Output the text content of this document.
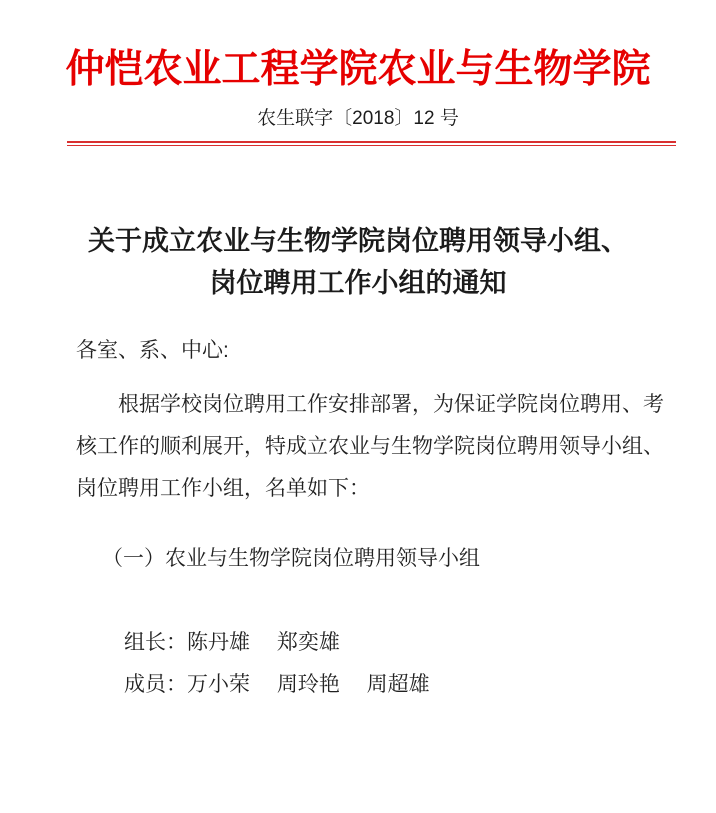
仲恺农业工程学院农业与生物学院
农生联字〔2018〕12 号
关于成立农业与生物学院岗位聘用领导小组、
岗位聘用工作小组的通知
各室、系、中心:
根据学校岗位聘用工作安排部署，为保证学院岗位聘用、考
核工作的顺利展开，特成立农业与生物学院岗位聘用领导小组、
岗位聘用工作小组，名单如下：
（一）农业与生物学院岗位聘用领导小组
组长：陈丹雄　 郑奕雄
成员：万小荣　 周玲艳　 周超雄
